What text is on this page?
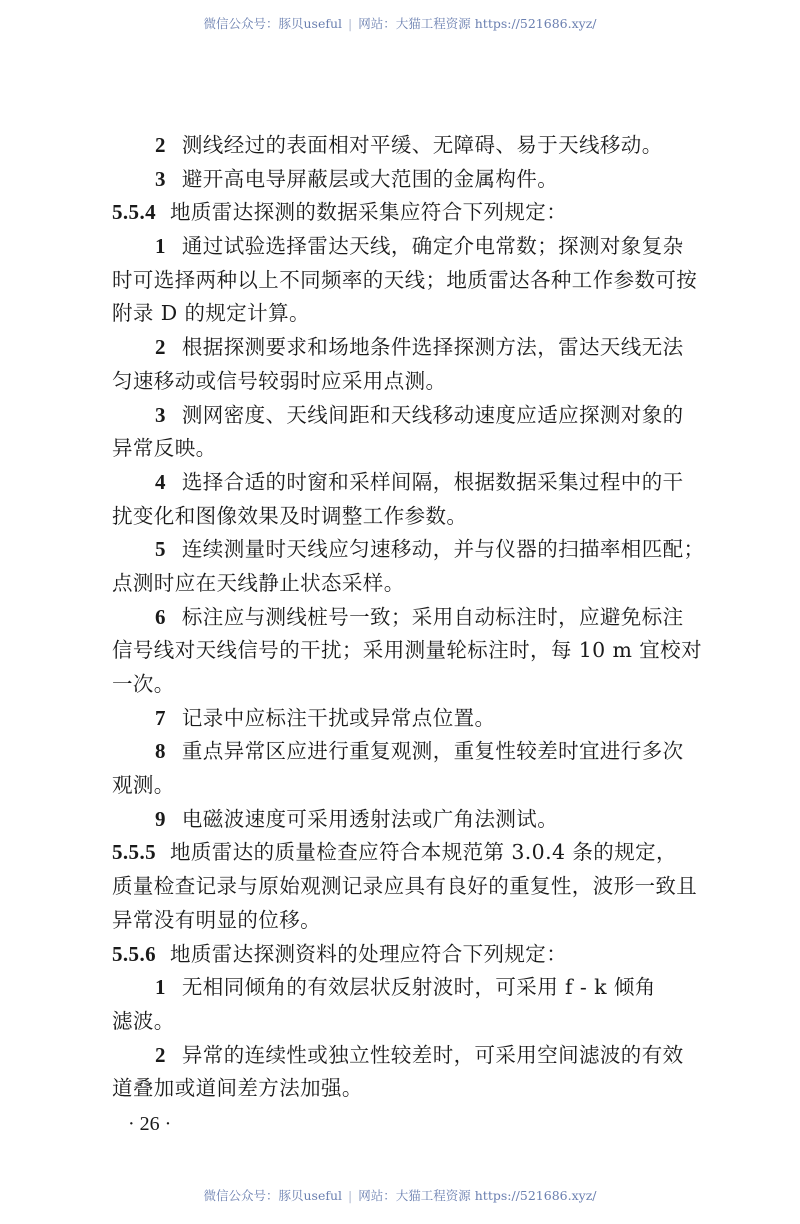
微信公众号：豚贝useful | 网站：大猫工程资源 https://521686.xyz/
2 测线经过的表面相对平缓、无障碍、易于天线移动。
3 避开高电导屏蔽层或大范围的金属构件。
5.5.4 地质雷达探测的数据采集应符合下列规定：
1 通过试验选择雷达天线，确定介电常数；探测对象复杂
时可选择两种以上不同频率的天线；地质雷达各种工作参数可按
附录 D 的规定计算。
2 根据探测要求和场地条件选择探测方法，雷达天线无法
匀速移动或信号较弱时应采用点测。
3 测网密度、天线间距和天线移动速度应适应探测对象的
异常反映。
4 选择合适的时窗和采样间隔，根据数据采集过程中的干
扰变化和图像效果及时调整工作参数。
5 连续测量时天线应匀速移动，并与仪器的扫描率相匹配；
点测时应在天线静止状态采样。
6 标注应与测线桩号一致；采用自动标注时，应避免标注
信号线对天线信号的干扰；采用测量轮标注时，每 10 m 宜校对
一次。
7 记录中应标注干扰或异常点位置。
8 重点异常区应进行重复观测，重复性较差时宜进行多次
观测。
9 电磁波速度可采用透射法或广角法测试。
5.5.5 地质雷达的质量检查应符合本规范第 3.0.4 条的规定，
质量检查记录与原始观测记录应具有良好的重复性，波形一致且
异常没有明显的位移。
5.5.6 地质雷达探测资料的处理应符合下列规定：
1 无相同倾角的有效层状反射波时，可采用 f - k 倾角
滤波。
2 异常的连续性或独立性较差时，可采用空间滤波的有效
道叠加或道间差方法加强。
· 26 ·
微信公众号：豚贝useful | 网站：大猫工程资源 https://521686.xyz/
